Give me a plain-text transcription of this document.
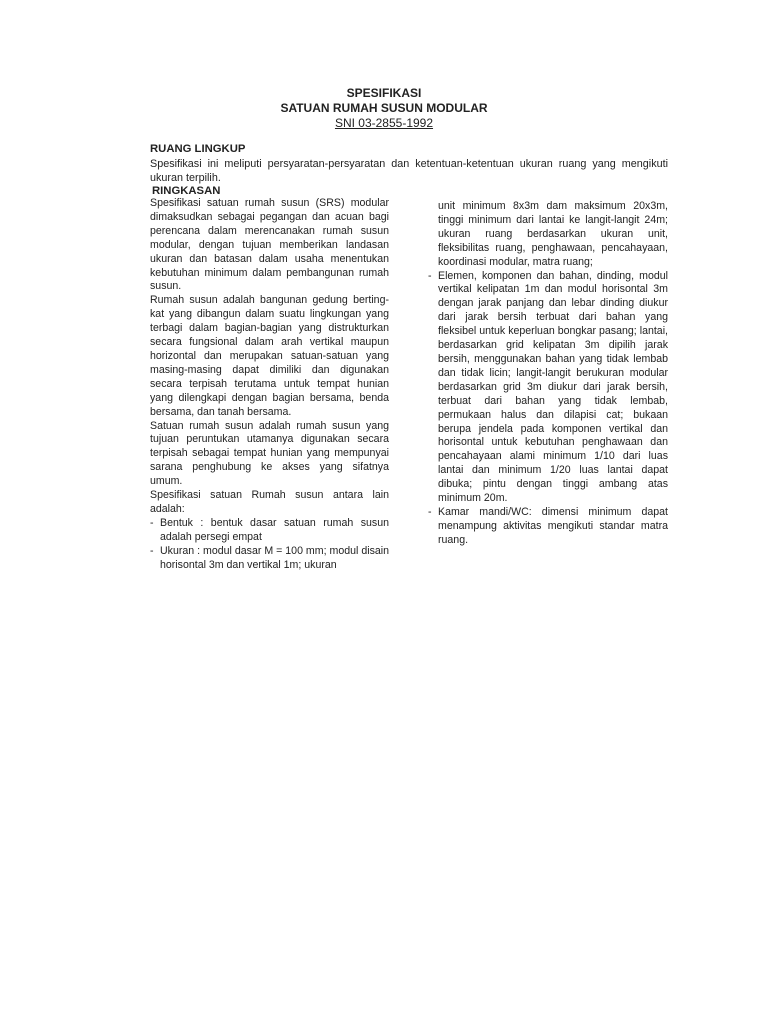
SPESIFIKASI
SATUAN RUMAH SUSUN MODULAR
SNI 03-2855-1992
RUANG LINGKUP
Spesifikasi ini meliputi persyaratan-persyaratan dan ketentuan-ketentuan ukuran ruang yang mengikuti ukuran terpilih.
RINGKASAN

Spesifikasi satuan rumah susun (SRS) modular dimaksudkan sebagai pegangan dan acuan bagi perencana dalam merencanakan rumah susun modular, dengan tujuan memberikan landasan ukuran dan batasan dalam usaha menentukan kebutuhan minimum dalam pembangunan rumah susun.

Rumah susun adalah bangunan gedung berting-kat yang dibangun dalam suatu lingkungan yang terbagi dalam bagian-bagian yang distrukturkan secara fungsional dalam arah vertikal maupun horizontal dan merupakan satuan-satuan yang masing-masing dapat dimiliki dan digunakan secara terpisah terutama untuk tempat hunian yang dilengkapi dengan bagian bersama, benda bersama, dan tanah bersama.

Satuan rumah susun adalah rumah susun yang tujuan peruntukan utamanya digunakan secara terpisah sebagai tempat hunian yang mempunyai sarana penghubung ke akses yang sifatnya umum.

Spesifikasi satuan Rumah susun antara lain adalah:

- Bentuk : bentuk dasar satuan rumah susun adalah persegi empat
- Ukuran : modul dasar M = 100 mm; modul disain horisontal 3m dan vertikal 1m; ukuran

unit minimum 8x3m dam maksimum 20x3m, tinggi minimum dari lantai ke langit-langit 24m; ukuran ruang berdasarkan ukuran unit, fleksibilitas ruang, penghawaan, pencahayaan, koordinasi modular, matra ruang;

- Elemen, komponen dan bahan, dinding, modul vertikal kelipatan 1m dan modul horisontal 3m dengan jarak panjang dan lebar dinding diukur dari jarak bersih terbuat dari bahan yang fleksibel untuk keperluan bongkar pasang; lantai, berdasarkan grid kelipatan 3m dipilih jarak bersih, menggunakan bahan yang tidak lembab dan tidak licin; langit-langit berukuran modular berdasarkan grid 3m diukur dari jarak bersih, terbuat dari bahan yang tidak lembab, permukaan halus dan dilapisi cat; bukaan berupa jendela pada komponen vertikal dan horisontal untuk kebutuhan penghawaan dan pencahayaan alami minimum 1/10 dari luas lantai dan minimum 1/20 luas lantai dapat dibuka; pintu dengan tinggi ambang atas minimum 20m.
- Kamar mandi/WC: dimensi minimum dapat menampung aktivitas mengikuti standar matra ruang.
